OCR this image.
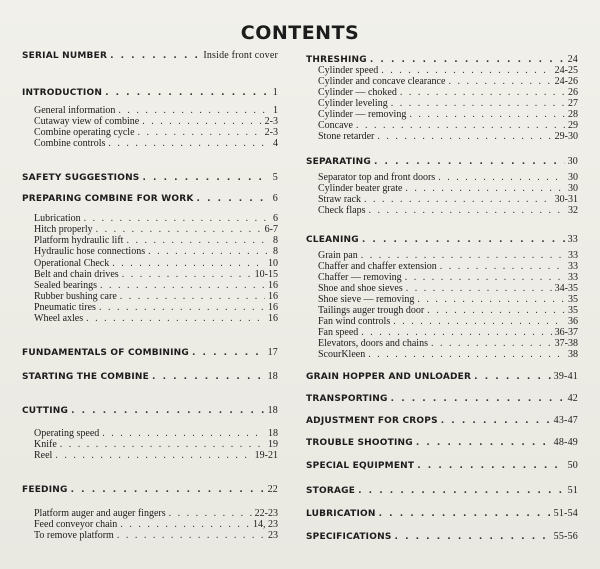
CONTENTS
SERIAL NUMBER . . .	Inside front cover
INTRODUCTION . . .	1
General information . . .	1
Cutaway view of combine . . .	2-3
Combine operating cycle . . .	2-3
Combine controls . . .	4
SAFETY SUGGESTIONS . . .	5
PREPARING COMBINE FOR WORK . . .	6
Lubrication . . .	6
Hitch properly . . .	6-7
Platform hydraulic lift . . .	8
Hydraulic hose connections . . .	8
Operational Check . . .	10
Belt and chain drives . . .	10-15
Sealed bearings . . .	16
Rubber bushing care . . .	16
Pneumatic tires . . .	16
Wheel axles . . .	16
FUNDAMENTALS OF COMBINING . . .	17
STARTING THE COMBINE . . .	18
CUTTING . . .	18
Operating speed . . .	18
Knife . . .	19
Reel . . .	19-21
FEEDING . . .	22
Platform auger and auger fingers . . .	22-23
Feed conveyor chain . . .	14, 23
To remove platform . . .	23
THRESHING . . .	24
Cylinder speed . . .	24-25
Cylinder and concave clearance . . .	24-26
Cylinder — choked . . .	26
Cylinder leveling . . .	27
Cylinder — removing . . .	28
Concave . . .	29
Stone retarder . . .	29-30
SEPARATING . . .	30
Separator top and front doors . . .	30
Cylinder beater grate . . .	30
Straw rack . . .	30-31
Check flaps . . .	32
CLEANING . . .	33
Grain pan . . .	33
Chaffer and chaffer extension . . .	33
Chaffer — removing . . .	33
Shoe and shoe sieves . . .	34-35
Shoe sieve — removing . . .	35
Tailings auger trough door . . .	35
Fan wind controls . . .	36
Fan speed . . .	36-37
Elevators, doors and chains . . .	37-38
ScourKleen . . .	38
GRAIN HOPPER AND UNLOADER . . .	39-41
TRANSPORTING . . .	42
ADJUSTMENT FOR CROPS . . .	43-47
TROUBLE SHOOTING . . .	48-49
SPECIAL EQUIPMENT . . .	50
STORAGE . . .	51
LUBRICATION . . .	51-54
SPECIFICATIONS . . .	55-56
